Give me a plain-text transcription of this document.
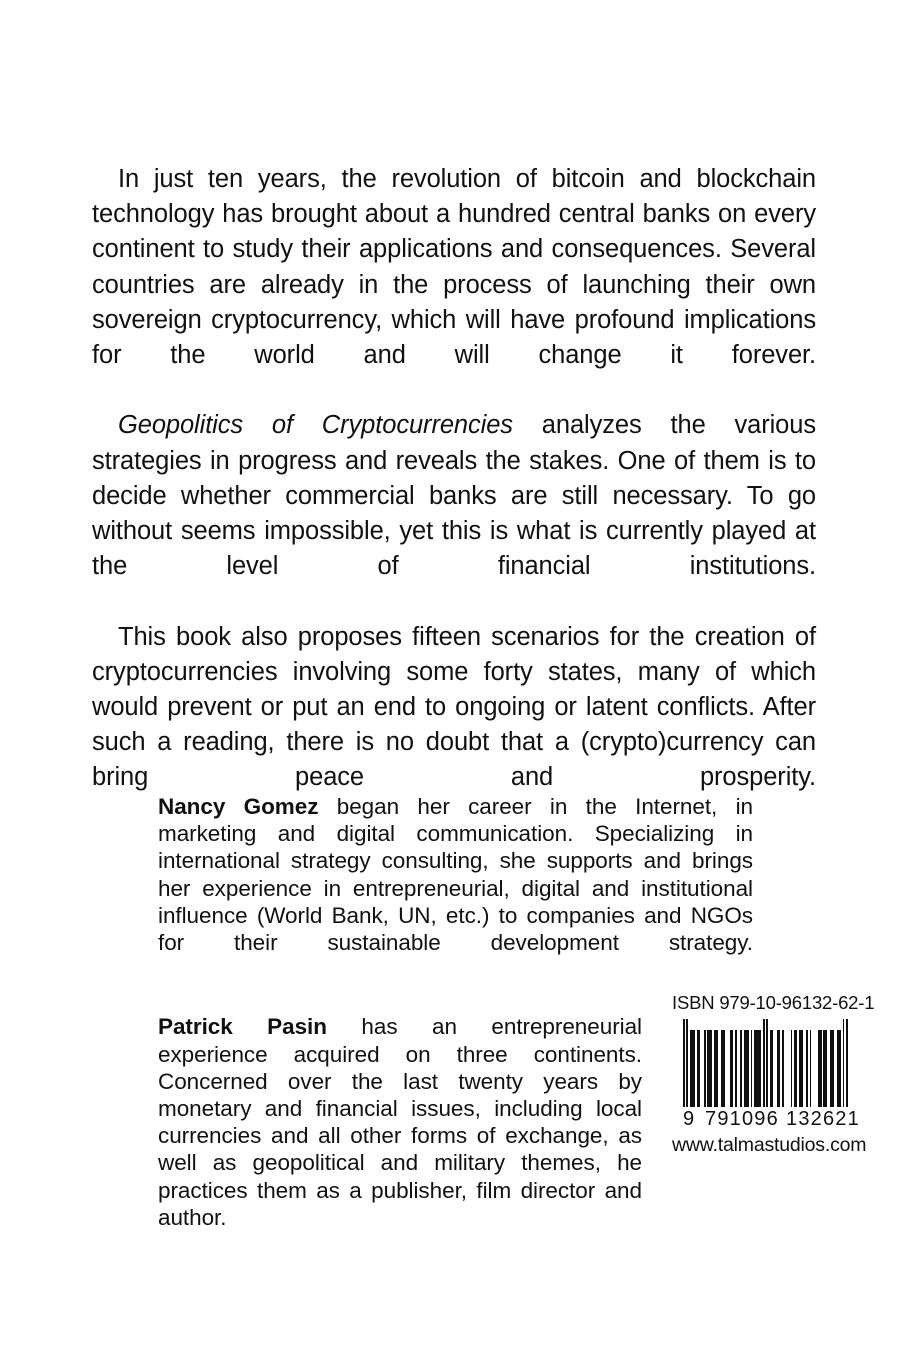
In just ten years, the revolution of bitcoin and blockchain technology has brought about a hundred central banks on every continent to study their applications and consequences. Several countries are already in the process of launching their own sovereign cryptocurrency, which will have profound implications for the world and will change it forever.

Geopolitics of Cryptocurrencies analyzes the various strategies in progress and reveals the stakes. One of them is to decide whether commercial banks are still necessary. To go without seems impossible, yet this is what is currently played at the level of financial institutions.

This book also proposes fifteen scenarios for the creation of cryptocurrencies involving some forty states, many of which would prevent or put an end to ongoing or latent conflicts. After such a reading, there is no doubt that a (crypto)currency can bring peace and prosperity.

Nancy Gomez began her career in the Internet, in marketing and digital communication. Specializing in international strategy consulting, she supports and brings her experience in entrepreneurial, digital and institutional influence (World Bank, UN, etc.) to companies and NGOs for their sustainable development strategy.

Patrick Pasin has an entrepreneurial experience acquired on three continents. Concerned over the last twenty years by monetary and financial issues, including local currencies and all other forms of exchange, as well as geopolitical and military themes, he practices them as a publisher, film director and author.

ISBN 979-10-96132-62-1
9 791096 132621
www.talmastudios.com
